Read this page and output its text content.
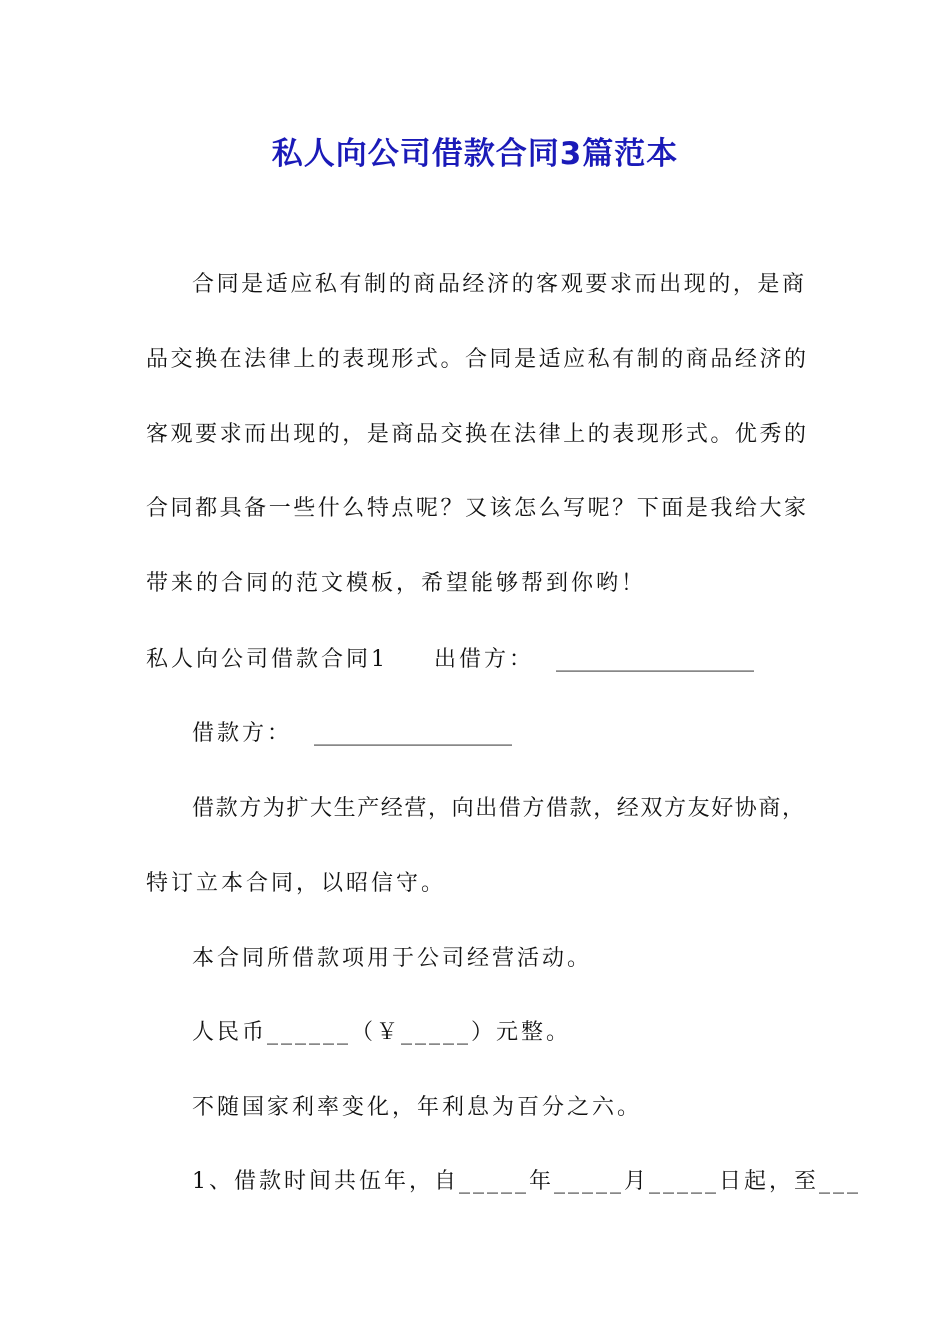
私人向公司借款合同3篇范本
合同是适应私有制的商品经济的客观要求而出现的，是商
品交换在法律上的表现形式。合同是适应私有制的商品经济的
客观要求而出现的，是商品交换在法律上的表现形式。优秀的
合同都具备一些什么特点呢？又该怎么写呢？下面是我给大家
带来的合同的范文模板，希望能够帮到你哟！
私人向公司借款合同1 出借方： __________________
借款方： __________________
借款方为扩大生产经营，向出借方借款，经双方友好协商，
特订立本合同，以昭信守。
本合同所借款项用于公司经营活动。
人民币______（￥_____）元整。
不随国家利率变化，年利息为百分之六。
1、借款时间共伍年，自_____年_____月_____日起，至___
